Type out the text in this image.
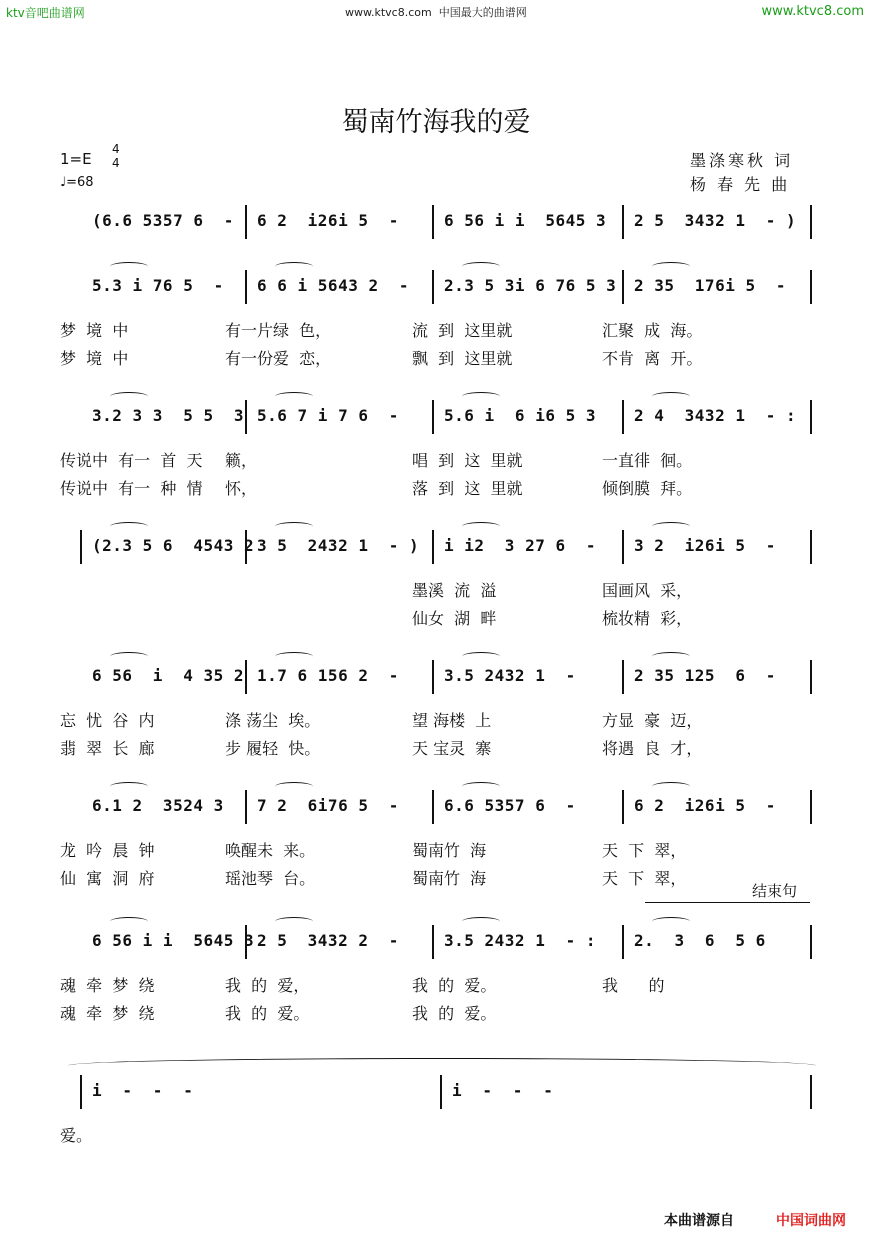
ktv音吧曲谱网	www.ktvc8.com  中国最大的曲谱网	www.ktvc8.com
蜀南竹海我的爱
1=E
4
4
♩=68
墨涤寒秋 词
杨 春 先 曲
(6.6 5357 6  - 6 2  i26i 5  -	6 56 i i  5645 3 2 5  3432 1  - )
5.3 i 76 5  - 6 6 i 5643 2  - 2.3 5 3i 6 76 5 3 2 35  176i 5  -
梦  境  中	有一片绿  色，	流  到  这里就	汇聚  成  海。
梦  境  中	有一份爱  恋，	飘  到  这里就	不肯  离  开。
3.2 3 3  5 5  3 5.6 7 i 7 6  -	5.6 i  6 i6 5 3 2 4  3432 1  - :
传说中  有一  首  天 籁，	唱  到  这  里就	一直徘  徊。
传说中  有一  种  情 怀，	落  到  这  里就	倾倒膜  拜。
(2.3 5 6  4543 2 3 5  2432 1  - ) i i2  3 27 6  - 3 2  i26i 5  -
墨溪  流  溢	国画风  采，
仙女  湖  畔	梳妆精  彩，
6 56  i  4 35 2 1.7 6 156 2  -	3.5 2432 1  -	2 35 125  6  -
忘  忧  谷  内	涤 荡尘  埃。	望 海楼  上	方显  豪  迈，
翡  翠  长  廊	步 履轻  快。	天 宝灵  寨	将遇  良  才，
6.1 2  3524 3 7 2  6i76 5  -	6.6 5357 6  -	6 2  i26i 5  -
龙  吟  晨  钟	唤醒未  来。	蜀南竹  海	天  下  翠，
仙  寓  洞  府	瑶池琴  台。	蜀南竹  海	天  下  翠，
6 56 i i  5645 3 2 5  3432 2  -	3.5 2432 1  - : 2.  3  6  5 6
魂  牵  梦  绕	我  的  爱，	我  的  爱。	我      的
魂  牵  梦  绕	我  的  爱。	我  的  爱。
i  -  -  -	i  -  -  -
爱。
结束句
本曲谱源自	中国词曲网
